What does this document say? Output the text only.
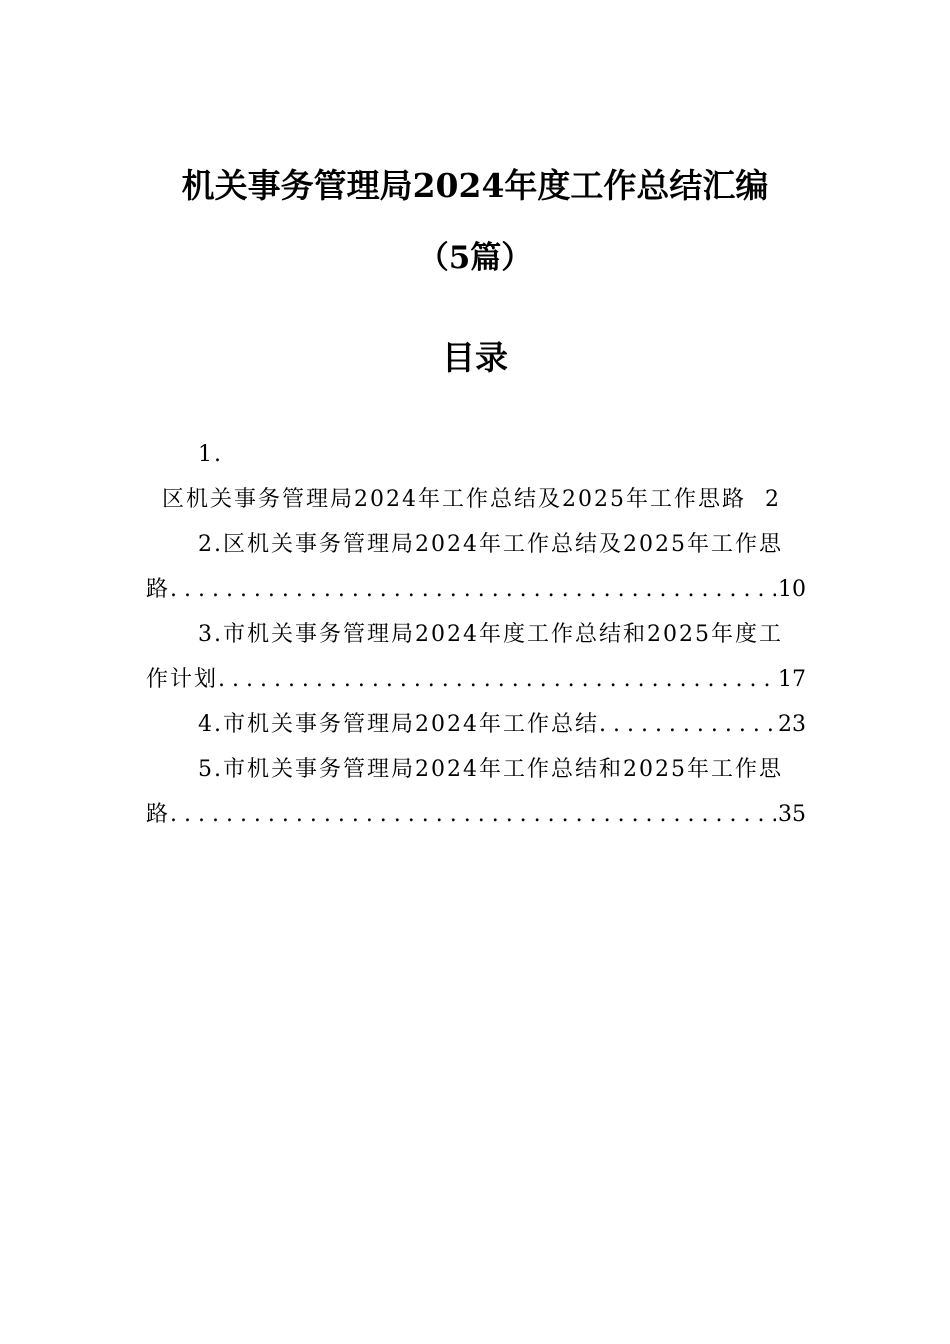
机关事务管理局2024年度工作总结汇编
（5篇）
目录
1.
区机关事务管理局2024年工作总结及2025年工作思路 2
2.区机关事务管理局2024年工作总结及2025年工作思
路 . . .	10
3.市机关事务管理局2024年度工作总结和2025年度工
作计划 . . .	17
4.市机关事务管理局2024年工作总结 . . .	23
5.市机关事务管理局2024年工作总结和2025年工作思
路 . . .	35
